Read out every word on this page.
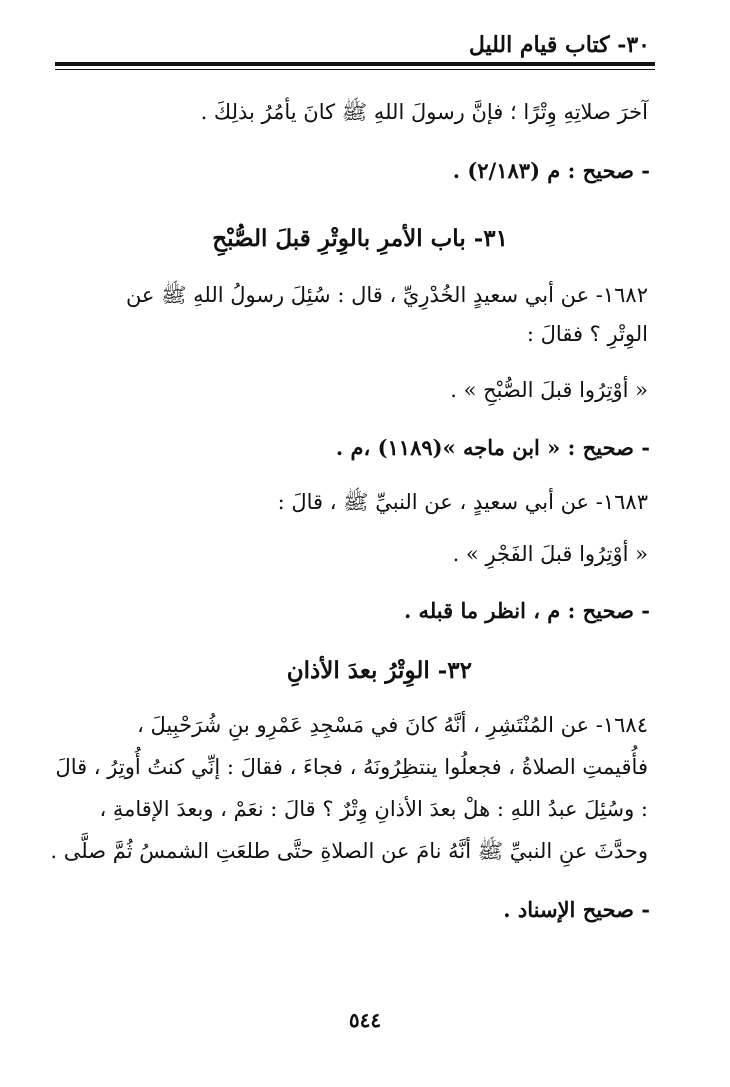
٣٠- كتاب قيام الليل
آخرَ صلاتِهِ وِتْرًا ؛ فإنَّ رسولَ اللهِ ﷺ كانَ يأمُرُ بذلِكَ .
- صحيح : م (٢/١٨٣) .
٣١- باب الأمرِ بالوِتْرِ قبلَ الصُّبْحِ
١٦٨٢- عن أبي سعيدٍ الخُدْرِيِّ ، قال : سُئِلَ رسولُ اللهِ ﷺ عن
الوِتْرِ ؟ فقالَ :
« أوْتِرُوا قبلَ الصُّبْحِ » .
- صحيح : « ابن ماجه »(١١٨٩) ،م .
١٦٨٣- عن أبي سعيدٍ ، عن النبيِّ ﷺ ، قالَ :
« أوْتِرُوا قبلَ الفَجْرِ » .
- صحيح : م ، انظر ما قبله .
٣٢- الوِتْرُ بعدَ الأذانِ
١٦٨٤- عن المُنْتَشِرِ ، أنَّهُ كانَ في مَسْجِدِ عَمْرِو بنِ شُرَحْبِيلَ ،
فأُقيمتِ الصلاةُ ، فجعلُوا ينتظِرُونَهُ ، فجاءَ ، فقالَ : إنِّي كنتُ أُوتِرُ ، قالَ
: وسُئِلَ عبدُ اللهِ : هلْ بعدَ الأذانِ وِتْرٌ ؟ قالَ : نعَمْ ، وبعدَ الإقامةِ ،
وحدَّثَ عنِ النبيِّ ﷺ أنَّهُ نامَ عن الصلاةِ حتَّى طلعَتِ الشمسُ ثُمَّ صلَّى .
- صحيح الإسناد .
٥٤٤
